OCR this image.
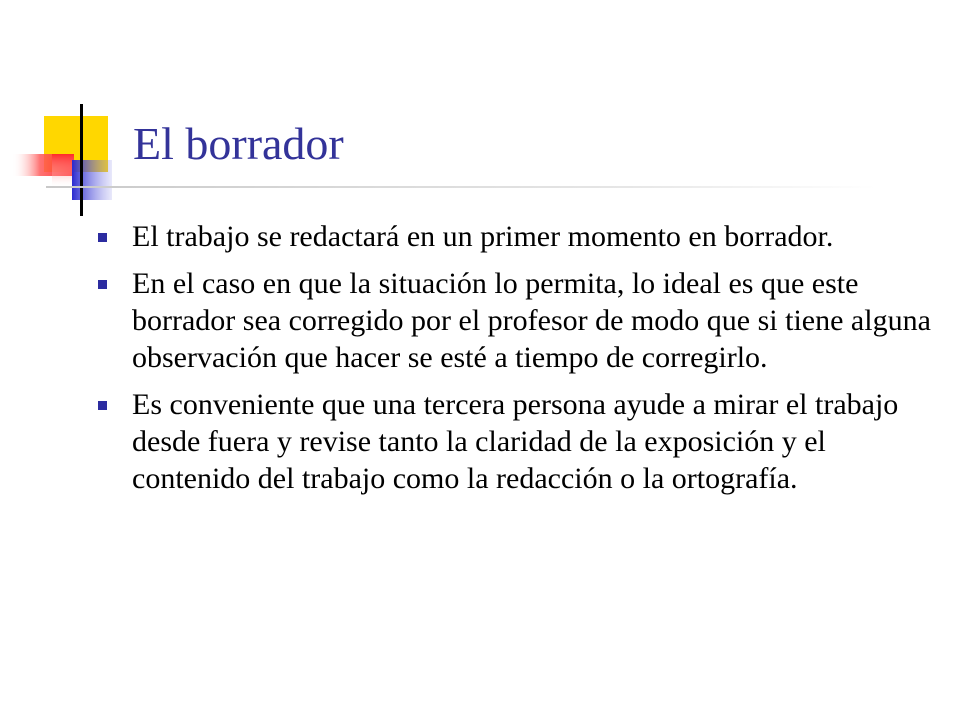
El borrador
El trabajo se redactará en un primer momento en borrador.
En el caso en que la situación lo permita, lo ideal es que este borrador sea corregido por el profesor de modo que si tiene alguna observación que hacer se esté a tiempo de corregirlo.
Es conveniente que una tercera persona ayude a mirar el trabajo desde fuera y revise tanto la claridad de la exposición y el contenido del trabajo como la redacción o la ortografía.
